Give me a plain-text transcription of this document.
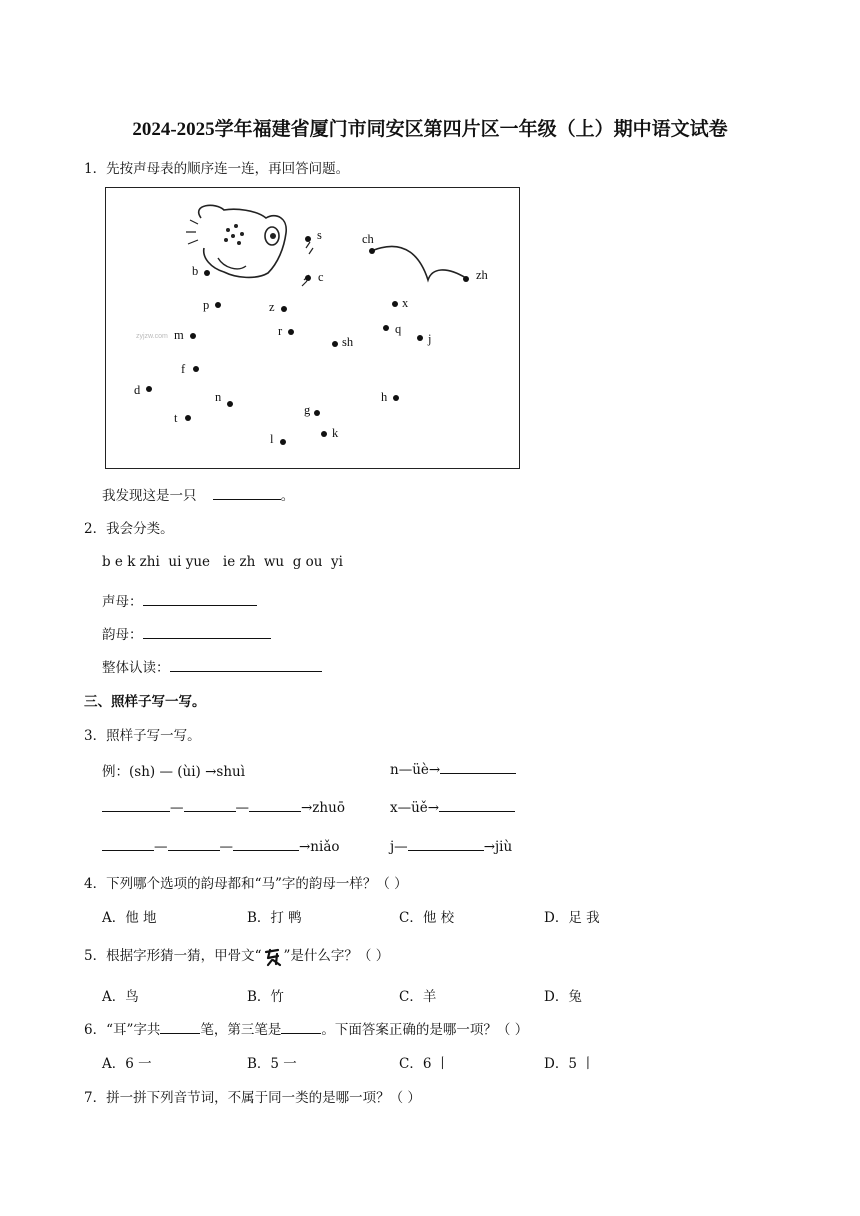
2024-2025学年福建省厦门市同安区第四片区一年级（上）期中语文试卷
1．先按声母表的顺序连一连，再回答问题。
zyjzw.com
s	ch
zh
b	c
p	z	x
m	r	q
j
sh
f
d	h
n
t
g
k
l
我发现这是一只	。
2．我会分类。
b e k zhi  ui yue   ie zh  wu  g ou  yi
声母：
韵母：
整体认读：
三、照样子写一写。
3．照样子写一写。
例：(sh) — (ùi) →shuì	n—üè→
—	—	→zhuō	x—üě→
—	—	→niǎo	j—	→jiù
4．下列哪个选项的韵母都和“马”字的韵母一样？（ ）
A．他 地	B．打 鸭	C．他 校	D．足 我
5．根据字形猜一猜，甲骨文“ ”是什么字？（ ）
A．鸟	B．竹	C．羊	D．兔
6．“耳”字共	笔，第三笔是	。下面答案正确的是哪一项？（ ）
A．6 一	B．5 一	C．6 丨	D．5 丨
7．拼一拼下列音节词，不属于同一类的是哪一项？（ ）
